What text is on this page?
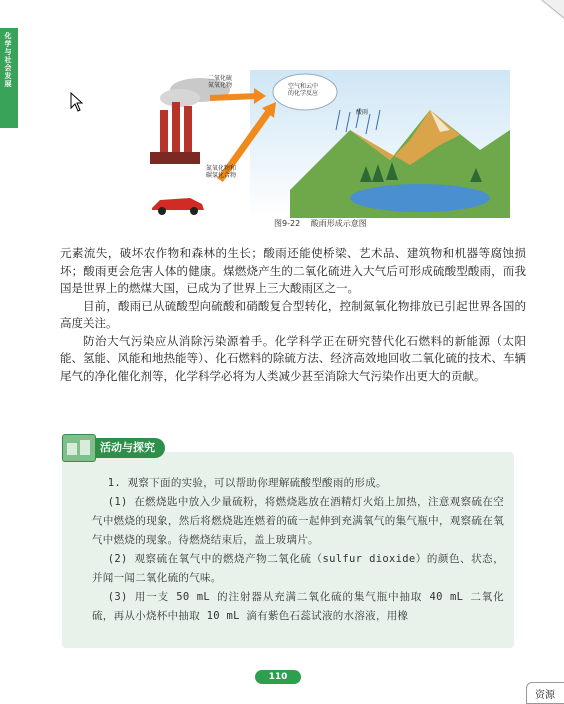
化学与社会发展	二氧化硫 氮氧化物	空气和云中 的化学反应
酸雨
氮氧化物和 碳氢化合物
图9-22 酸雨形成示意图

元素流失，破坏农作物和森林的生长；酸雨还能使桥梁、艺术品、建筑物和机器等腐蚀损坏；酸雨更会危害人体的健康。煤燃烧产生的二氧化硫进入大气后可形成硫酸型酸雨，而我国是世界上的燃煤大国，已成为了世界上三大酸雨区之一。

目前，酸雨已从硫酸型向硫酸和硝酸复合型转化，控制氮氧化物排放已引起世界各国的高度关注。

防治大气污染应从消除污染源着手。化学科学正在研究替代化石燃料的新能源（太阳能、氢能、风能和地热能等）、化石燃料的除硫方法、经济高效地回收二氧化硫的技术、车辆尾气的净化催化剂等，化学科学必将为人类减少甚至消除大气污染作出更大的贡献。

活动与探究

1. 观察下面的实验，可以帮助你理解硫酸型酸雨的形成。

(1) 在燃烧匙中放入少量硫粉，将燃烧匙放在酒精灯火焰上加热，注意观察硫在空气中燃烧的现象，然后将燃烧匙连燃着的硫一起伸到充满氧气的集气瓶中，观察硫在氧气中燃烧的现象。待燃烧结束后，盖上玻璃片。

(2) 观察硫在氧气中的燃烧产物二氧化硫（sulfur dioxide）的颜色、状态，并闻一闻二氧化硫的气味。

(3) 用一支 50 mL 的注射器从充满二氧化硫的集气瓶中抽取 40 mL 二氧化硫，再从小烧杯中抽取 10 mL 滴有紫色石蕊试液的水溶液，用橡

110
资源
